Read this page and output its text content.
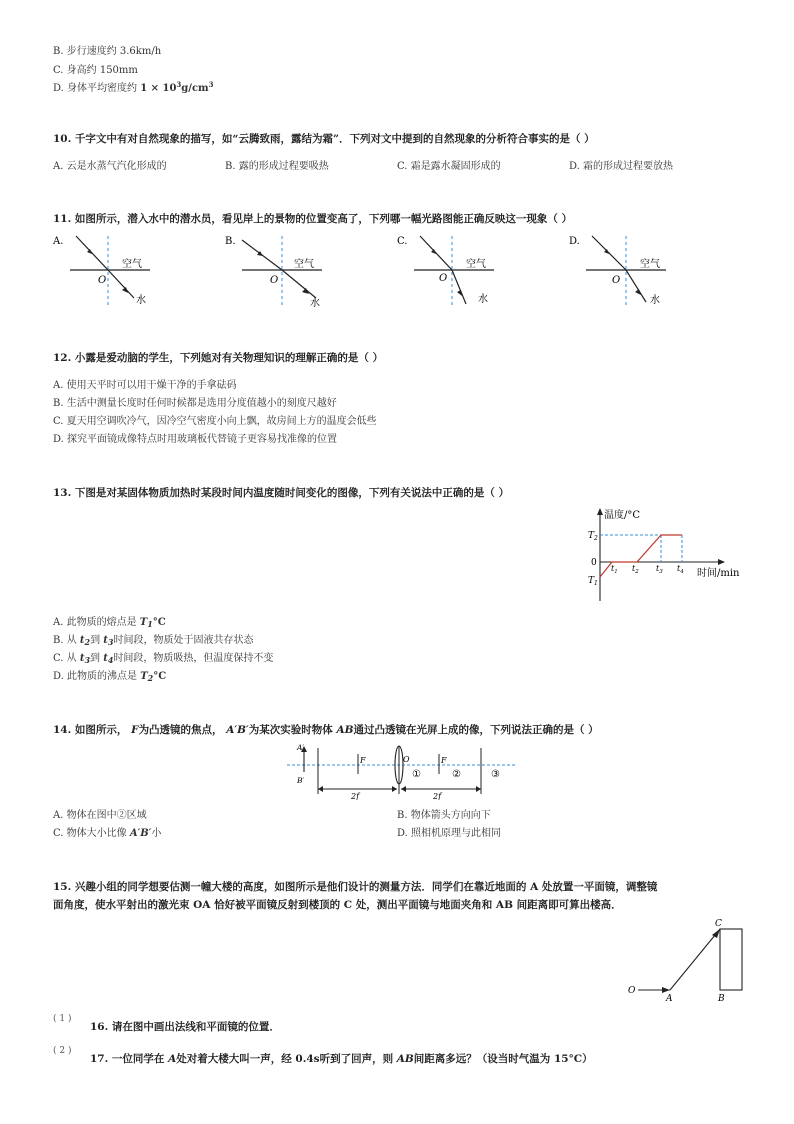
B. 步行速度约 3.6km/h
C. 身高约 150mm
D. 身体平均密度约 $1 \times 10^3g/cm^3$
10. 千字文中有对自然现象的描写，如“云腾致雨，露结为霜”．下列对文中提到的自然现象的分析符合事实的是（ ）
A. 云是水蒸气汽化形成的	B. 露的形成过程要吸热	C. 霜是露水凝固形成的	D. 霜的形成过程要放热
11. 如图所示，潜入水中的潜水员，看见岸上的景物的位置变高了，下列哪一幅光路图能正确反映这一现象（ ）
A.
空气
O
水
B.
空气
O
水
C.
空气
O
水
D.
空气
O
水
12. 小露是爱动脑的学生，下列她对有关物理知识的理解正确的是（ ）
A. 使用天平时可以用干燥干净的手拿砝码
B. 生活中测量长度时任何时候都是选用分度值越小的刻度尺越好
C. 夏天用空调吹冷气，因冷空气密度小向上飘，故房间上方的温度会低些
D. 探究平面镜成像特点时用玻璃板代替镜子更容易找准像的位置
13. 下图是对某固体物质加热时某段时间内温度随时间变化的图像，下列有关说法中正确的是（ ）
温度/°C
时间/min
$T_2$
0
$T_1$
$t_1$ $t_2$ $t_3$ $t_4$
A. 此物质的熔点是 $T_1^\circ C$
B. 从 $t_2$到 $t_3$时间段，物质处于固液共存状态
C. 从 $t_3$到 $t_4$时间段，物质吸热，但温度保持不变
D. 此物质的沸点是 $T_2^\circ C$
14. 如图所示， F为凸透镜的焦点， A′B′为某次实验时物体 AB通过凸透镜在光屏上成的像，下列说法正确的是（ ）
A′
B′
F	O
①
F
②	③
2f	2f
A. 物体在图中②区域	B. 物体箭头方向向下
C. 物体大小比像 A′B′小	D. 照相机原理与此相同
15. 兴趣小组的同学想要估测一幢大楼的高度，如图所示是他们设计的测量方法．同学们在靠近地面的 A 处放置一平面镜，调整镜
面角度，使水平射出的激光束 OA 恰好被平面镜反射到楼顶的 C 处，测出平面镜与地面夹角和 AB 间距离即可算出楼高．
O
A
C
B
( 1 )
16. 请在图中画出法线和平面镜的位置．
( 2 )
17. 一位同学在 A处对着大楼大叫一声，经 0.4s听到了回声，则 AB间距离多远？（设当时气温为 15°C）
